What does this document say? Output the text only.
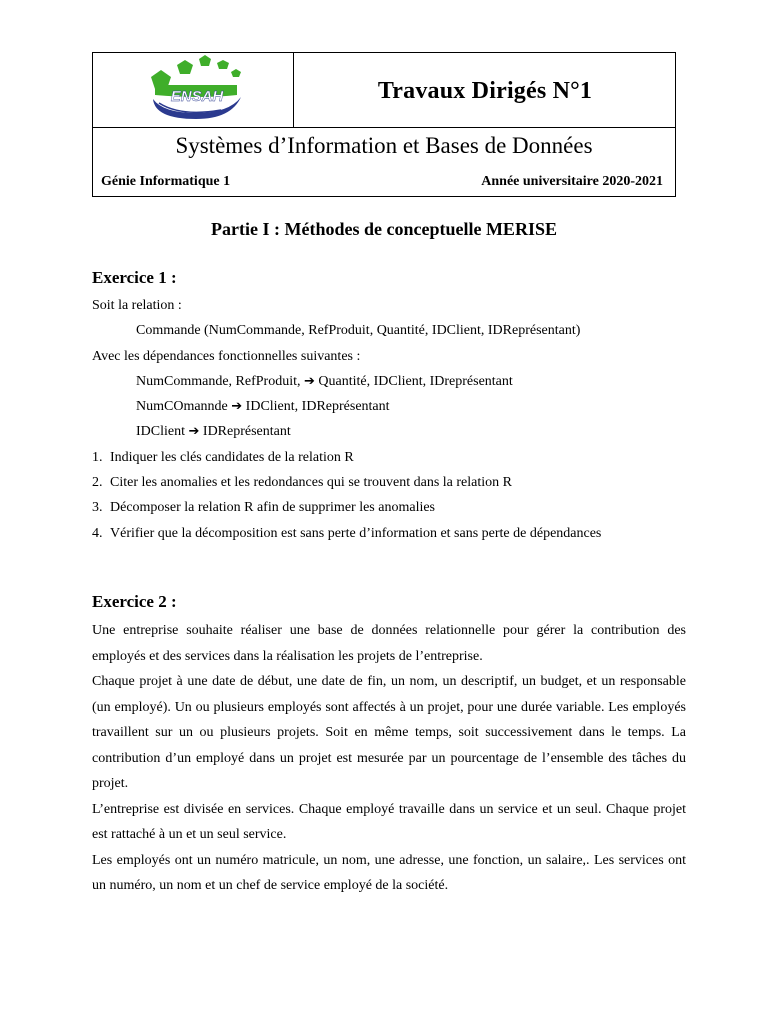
ENSAH	Travaux Dirigés N°1
Systèmes d’Information et Bases de Données
Génie Informatique 1	Année universitaire 2020-2021
Partie I : Méthodes de conceptuelle MERISE
Exercice 1 :
Soit la relation :
Commande (NumCommande, RefProduit, Quantité, IDClient, IDReprésentant)
Avec les dépendances fonctionnelles suivantes :
NumCommande, RefProduit, ➔ Quantité, IDClient, IDreprésentant
NumCOmannde ➔ IDClient, IDReprésentant
IDClient ➔ IDReprésentant
1. Indiquer les clés candidates de la relation R
2. Citer les anomalies et les redondances qui se trouvent dans la relation R
3. Décomposer la relation R afin de supprimer les anomalies
4. Vérifier que la décomposition est sans perte d’information et sans perte de dépendances
Exercice 2 :

Une entreprise souhaite réaliser une base de données relationnelle pour gérer la contribution des employés et des services dans la réalisation les projets de l’entreprise.

Chaque projet à une date de début, une date de fin, un nom, un descriptif, un budget, et un responsable (un employé). Un ou plusieurs employés sont affectés à un projet, pour une durée variable. Les employés travaillent sur un ou plusieurs projets. Soit en même temps, soit successivement dans le temps. La contribution d’un employé dans un projet est mesurée par un pourcentage de l’ensemble des tâches du projet.

L’entreprise est divisée en services. Chaque employé travaille dans un service et un seul. Chaque projet est rattaché à un et un seul service.

Les employés ont un numéro matricule, un nom, une adresse, une fonction, un salaire,. Les services ont un numéro, un nom et un chef de service employé de la société.
